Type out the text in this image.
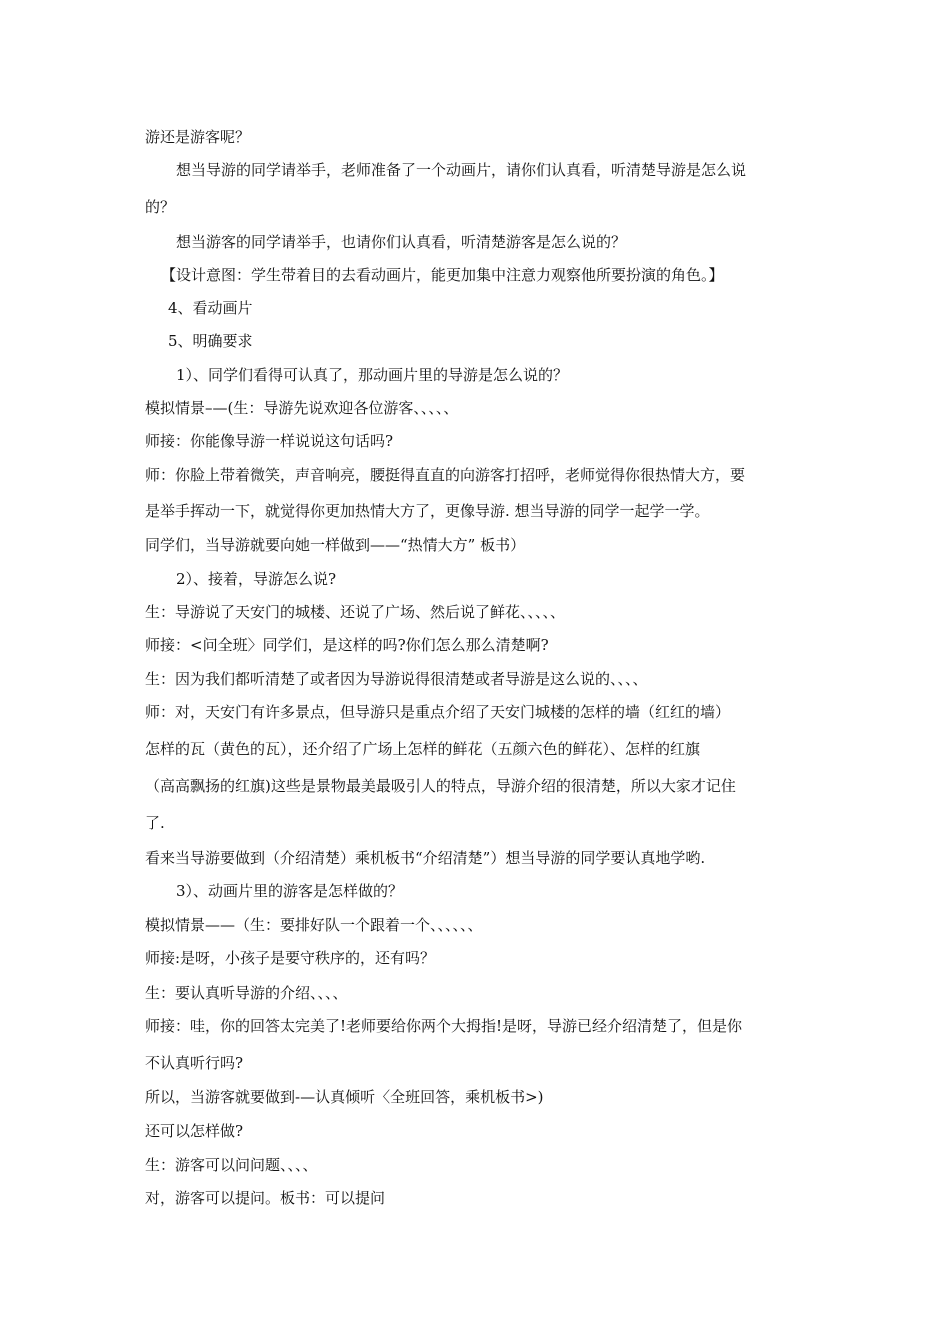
游还是游客呢？
想当导游的同学请举手，老师准备了一个动画片，请你们认真看，听清楚导游是怎么说
的？
想当游客的同学请举手，也请你们认真看，听清楚游客是怎么说的？
【设计意图：学生带着目的去看动画片，能更加集中注意力观察他所要扮演的角色。】
4、看动画片
5、明确要求
1）、同学们看得可认真了，那动画片里的导游是怎么说的？
模拟情景–—(生：导游先说欢迎各位游客、、、、、
师接：你能像导游一样说说这句话吗?
师：你脸上带着微笑，声音响亮，腰挺得直直的向游客打招呼，老师觉得你很热情大方，要
是举手挥动一下，就觉得你更加热情大方了，更像导游. 想当导游的同学一起学一学。
同学们，当导游就要向她一样做到——“热情大方” 板书）
2）、接着，导游怎么说?
生：导游说了天安门的城楼、还说了广场、然后说了鲜花、、、、、
师接：<问全班〉同学们，是这样的吗?你们怎么那么清楚啊?
生：因为我们都听清楚了或者因为导游说得很清楚或者导游是这么说的、、、、
师：对，天安门有许多景点，但导游只是重点介绍了天安门城楼的怎样的墙（红红的墙）
怎样的瓦（黄色的瓦），还介绍了广场上怎样的鲜花（五颜六色的鲜花）、怎样的红旗
（高高飘扬的红旗)这些是景物最美最吸引人的特点，导游介绍的很清楚，所以大家才记住
了.
看来当导游要做到（介绍清楚）乘机板书“介绍清楚”）想当导游的同学要认真地学哟.
3）、动画片里的游客是怎样做的？
模拟情景——（生：要排好队一个跟着一个、、、、、、
师接:是呀，小孩子是要守秩序的，还有吗？
生：要认真听导游的介绍、、、、
师接：哇，你的回答太完美了!老师要给你两个大拇指!是呀，导游已经介绍清楚了，但是你
不认真听行吗?
所以，当游客就要做到-—认真倾听〈全班回答，乘机板书>)
还可以怎样做?
生：游客可以问问题、、、、
对，游客可以提问。板书：可以提问
